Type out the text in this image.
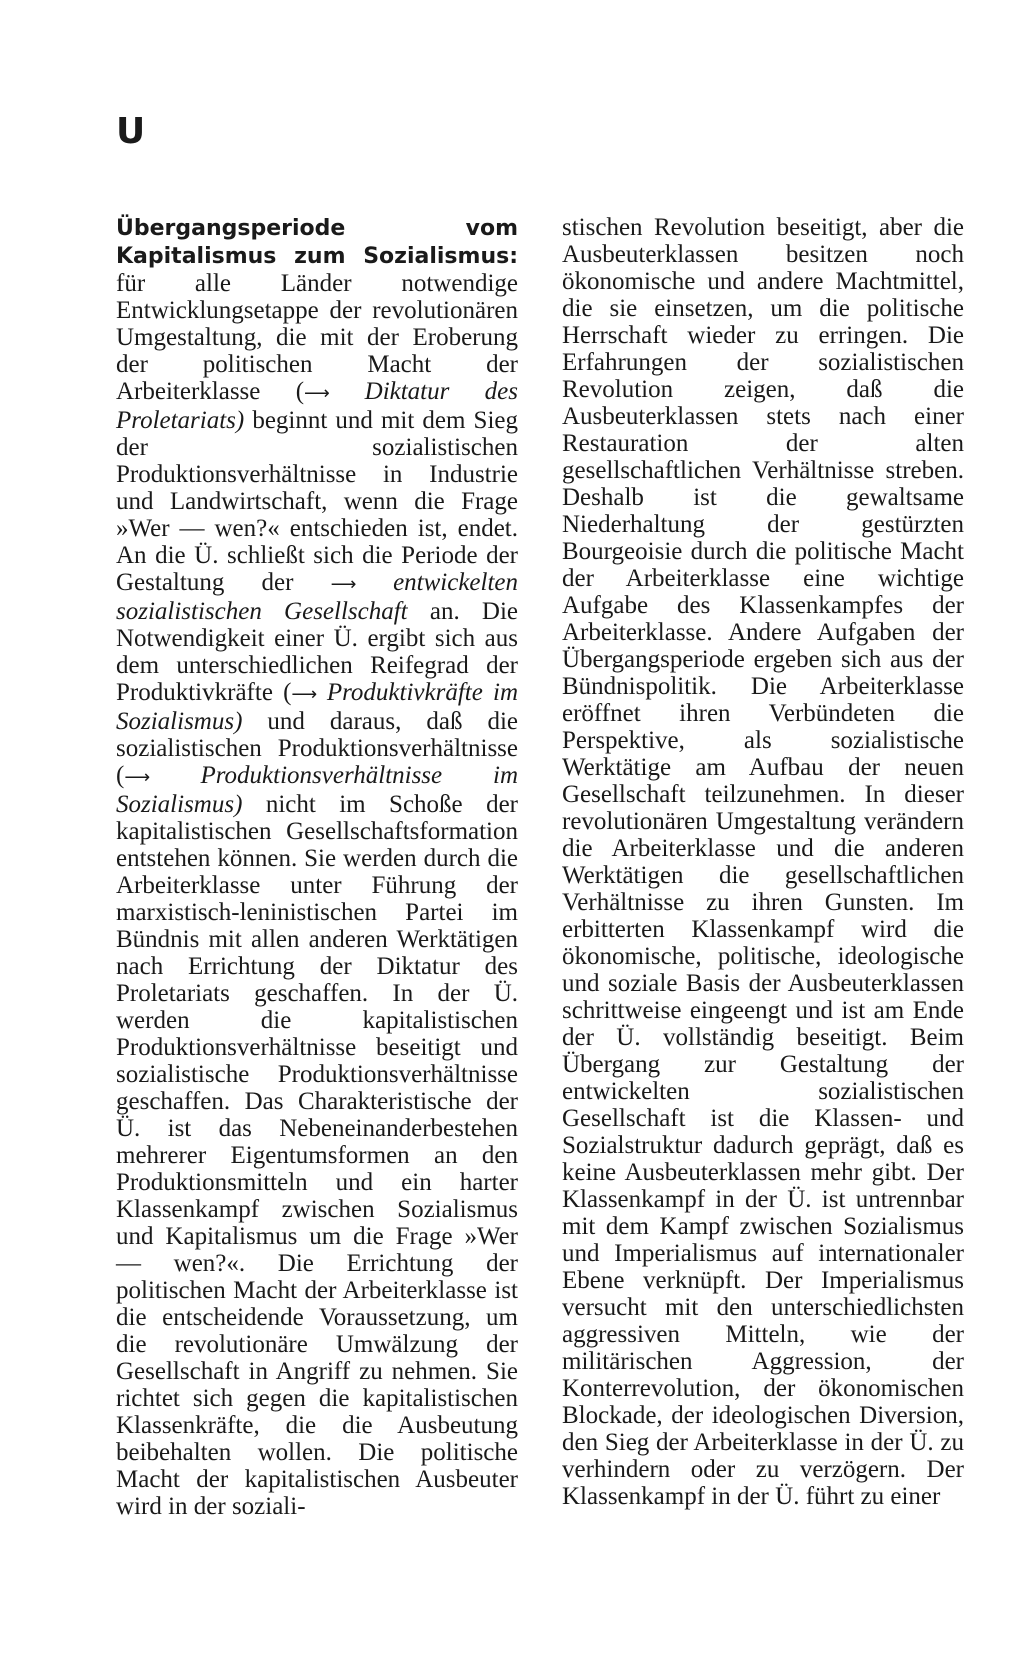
U

Übergangsperiode vom Kapitalismus zum Sozialismus: für alle Länder notwendige Entwicklungsetappe der revolutionären Umgestaltung, die mit der Eroberung der politischen Macht der Arbeiterklasse (⟶ Diktatur des Proletariats) beginnt und mit dem Sieg der sozialistischen Produktionsverhältnisse in Industrie und Landwirtschaft, wenn die Frage »Wer — wen?« entschieden ist, endet. An die Ü. schließt sich die Periode der Gestaltung der ⟶ entwickelten sozialistischen Gesellschaft an. Die Notwendigkeit einer Ü. ergibt sich aus dem unterschiedlichen Reifegrad der Produktivkräfte (⟶ Produktivkräfte im Sozialismus) und daraus, daß die sozialistischen Produktionsverhältnisse (⟶ Produktionsverhältnisse im Sozialismus) nicht im Schoße der kapitalistischen Gesellschaftsformation entstehen können. Sie werden durch die Arbeiterklasse unter Führung der marxistisch-leninistischen Partei im Bündnis mit allen anderen Werktätigen nach Errichtung der Diktatur des Proletariats geschaffen. In der Ü. werden die kapitalistischen Produktionsverhältnisse beseitigt und sozialistische Produktionsverhältnisse geschaffen. Das Charakteristische der Ü. ist das Nebeneinanderbestehen mehrerer Eigentumsformen an den Produktionsmitteln und ein harter Klassenkampf zwischen Sozialismus und Kapitalismus um die Frage »Wer — wen?«. Die Errichtung der politischen Macht der Arbeiterklasse ist die entscheidende Voraussetzung, um die revolutionäre Umwälzung der Gesellschaft in Angriff zu nehmen. Sie richtet sich gegen die kapitalistischen Klassenkräfte, die die Ausbeutung beibehalten wollen. Die politische Macht der kapitalistischen Ausbeuter wird in der soziali-

stischen Revolution beseitigt, aber die Ausbeuterklassen besitzen noch ökonomische und andere Machtmittel, die sie einsetzen, um die politische Herrschaft wieder zu erringen. Die Erfahrungen der sozialistischen Revolution zeigen, daß die Ausbeuterklassen stets nach einer Restauration der alten gesellschaftlichen Verhältnisse streben. Deshalb ist die gewaltsame Niederhaltung der gestürzten Bourgeoisie durch die politische Macht der Arbeiterklasse eine wichtige Aufgabe des Klassenkampfes der Arbeiterklasse. Andere Aufgaben der Übergangsperiode ergeben sich aus der Bündnispolitik. Die Arbeiterklasse eröffnet ihren Verbündeten die Perspektive, als sozialistische Werktätige am Aufbau der neuen Gesellschaft teilzunehmen. In dieser revolutionären Umgestaltung verändern die Arbeiterklasse und die anderen Werktätigen die gesellschaftlichen Verhältnisse zu ihren Gunsten. Im erbitterten Klassenkampf wird die ökonomische, politische, ideologische und soziale Basis der Ausbeuterklassen schrittweise eingeengt und ist am Ende der Ü. vollständig beseitigt. Beim Übergang zur Gestaltung der entwickelten sozialistischen Gesellschaft ist die Klassen- und Sozialstruktur dadurch geprägt, daß es keine Ausbeuterklassen mehr gibt. Der Klassenkampf in der Ü. ist untrennbar mit dem Kampf zwischen Sozialismus und Imperialismus auf internationaler Ebene verknüpft. Der Imperialismus versucht mit den unterschiedlichsten aggressiven Mitteln, wie der militärischen Aggression, der Konterrevolution, der ökonomischen Blockade, der ideologischen Diversion, den Sieg der Arbeiterklasse in der Ü. zu verhindern oder zu verzögern. Der Klassenkampf in der Ü. führt zu einer
